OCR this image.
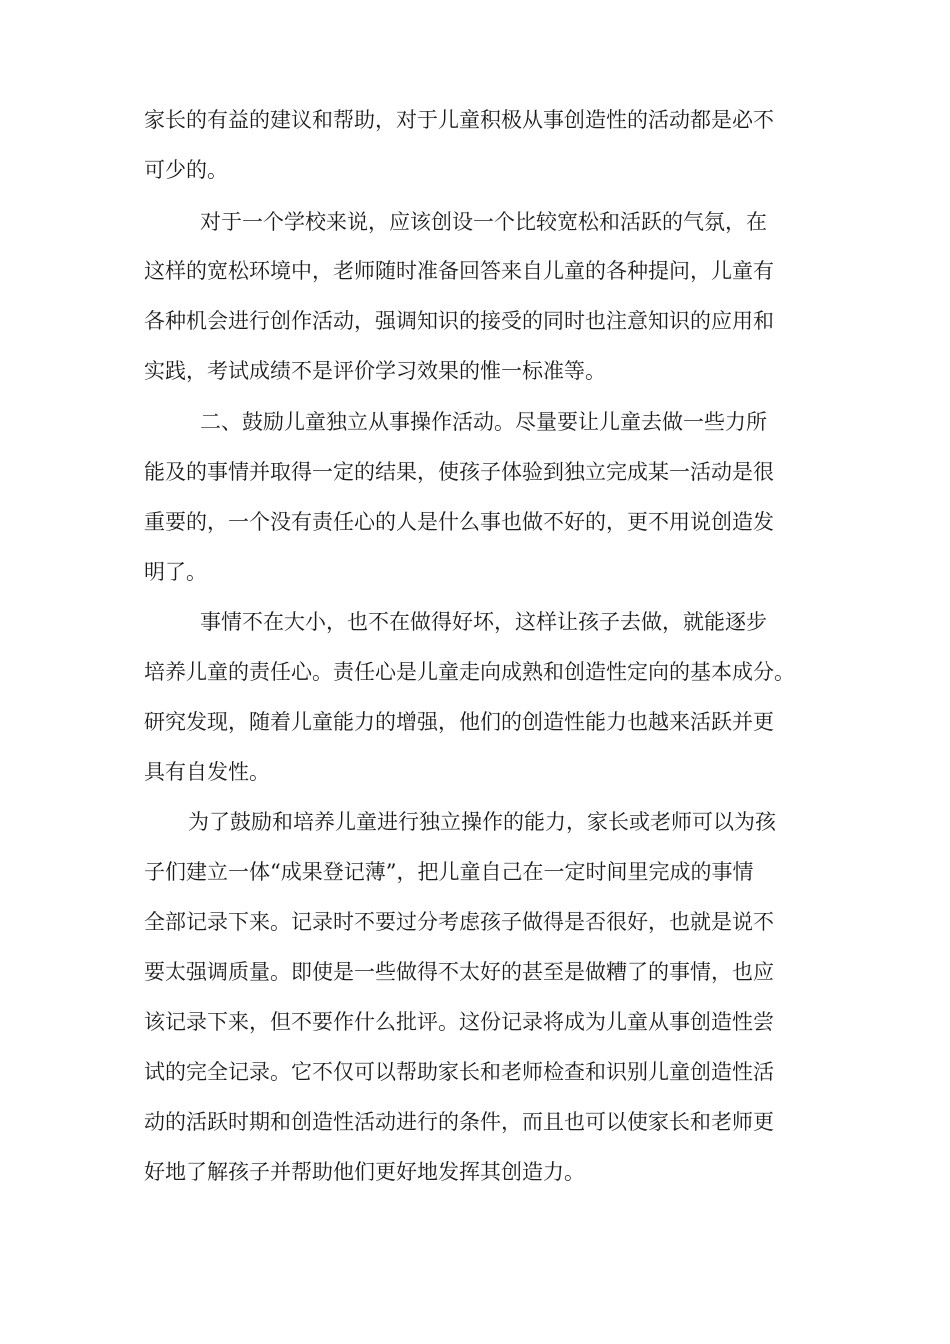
家长的有益的建议和帮助，对于儿童积极从事创造性的活动都是必不

可少的。

对于一个学校来说，应该创设一个比较宽松和活跃的气氛，在

这样的宽松环境中，老师随时准备回答来自儿童的各种提问，儿童有

各种机会进行创作活动，强调知识的接受的同时也注意知识的应用和

实践，考试成绩不是评价学习效果的惟一标准等。

二、鼓励儿童独立从事操作活动。尽量要让儿童去做一些力所

能及的事情并取得一定的结果，使孩子体验到独立完成某一活动是很

重要的，一个没有责任心的人是什么事也做不好的，更不用说创造发

明了。

事情不在大小，也不在做得好坏，这样让孩子去做，就能逐步

培养儿童的责任心。责任心是儿童走向成熟和创造性定向的基本成分。

研究发现，随着儿童能力的增强，他们的创造性能力也越来活跃并更

具有自发性。

为了鼓励和培养儿童进行独立操作的能力，家长或老师可以为孩

子们建立一体“成果登记薄”，把儿童自己在一定时间里完成的事情

全部记录下来。记录时不要过分考虑孩子做得是否很好，也就是说不

要太强调质量。即使是一些做得不太好的甚至是做糟了的事情，也应

该记录下来，但不要作什么批评。这份记录将成为儿童从事创造性尝

试的完全记录。它不仅可以帮助家长和老师检查和识别儿童创造性活

动的活跃时期和创造性活动进行的条件，而且也可以使家长和老师更

好地了解孩子并帮助他们更好地发挥其创造力。
